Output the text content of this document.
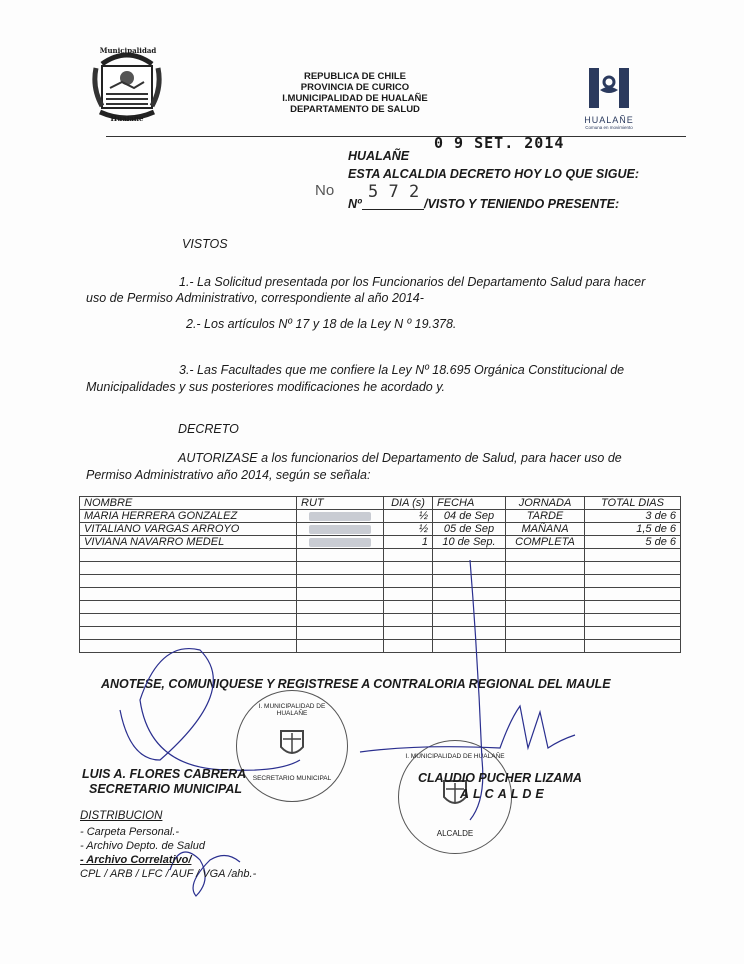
Municipalidad
Hualañe
REPUBLICA DE CHILE
PROVINCIA DE CURICO
I.MUNICIPALIDAD DE HUALAÑE
DEPARTAMENTO DE SALUD
HUALAÑE
Comuna en movimiento
0 9 SET. 2014
HUALAÑE
ESTA ALCALDIA DECRETO HOY LO QUE SIGUE:
No
Nº
5 7 2
/VISTO Y TENIENDO PRESENTE:
VISTOS
1.- La Solicitud presentada por los Funcionarios del Departamento Salud para hacer
uso de Permiso Administrativo, correspondiente al año 2014-
2.- Los artículos Nº 17 y 18 de la Ley N º 19.378.
3.- Las Facultades que me confiere la Ley Nº 18.695 Orgánica Constitucional de
Municipalidades y sus posteriores modificaciones he acordado y.
DECRETO
AUTORIZASE a los funcionarios del Departamento de Salud, para hacer uso de
Permiso Administrativo año 2014, según se señala:
NOMBRE	RUT	DIA (s)	FECHA	JORNADA	TOTAL DIAS
MARIA HERRERA GONZALEZ		½	04 de Sep	TARDE	3 de 6
VITALIANO VARGAS ARROYO		½	05 de Sep	MAÑANA	1,5 de 6
VIVIANA NAVARRO MEDEL		1	10 de Sep.	COMPLETA	5 de 6

ANOTESE, COMUNIQUESE Y REGISTRESE A CONTRALORIA REGIONAL DEL MAULE
I. MUNICIPALIDAD DE HUALAÑE
SECRETARIO MUNICIPAL
I. MUNICIPALIDAD DE HUALAÑE
ALCALDE
LUIS A. FLORES CABRERA
SECRETARIO MUNICIPAL
CLAUDIO PUCHER LIZAMA
ALCALDE
DISTRIBUCION
- Carpeta Personal.-
- Archivo Depto. de Salud
- Archivo Correlativo/
CPL / ARB / LFC / AUF / VGA /ahb.-
